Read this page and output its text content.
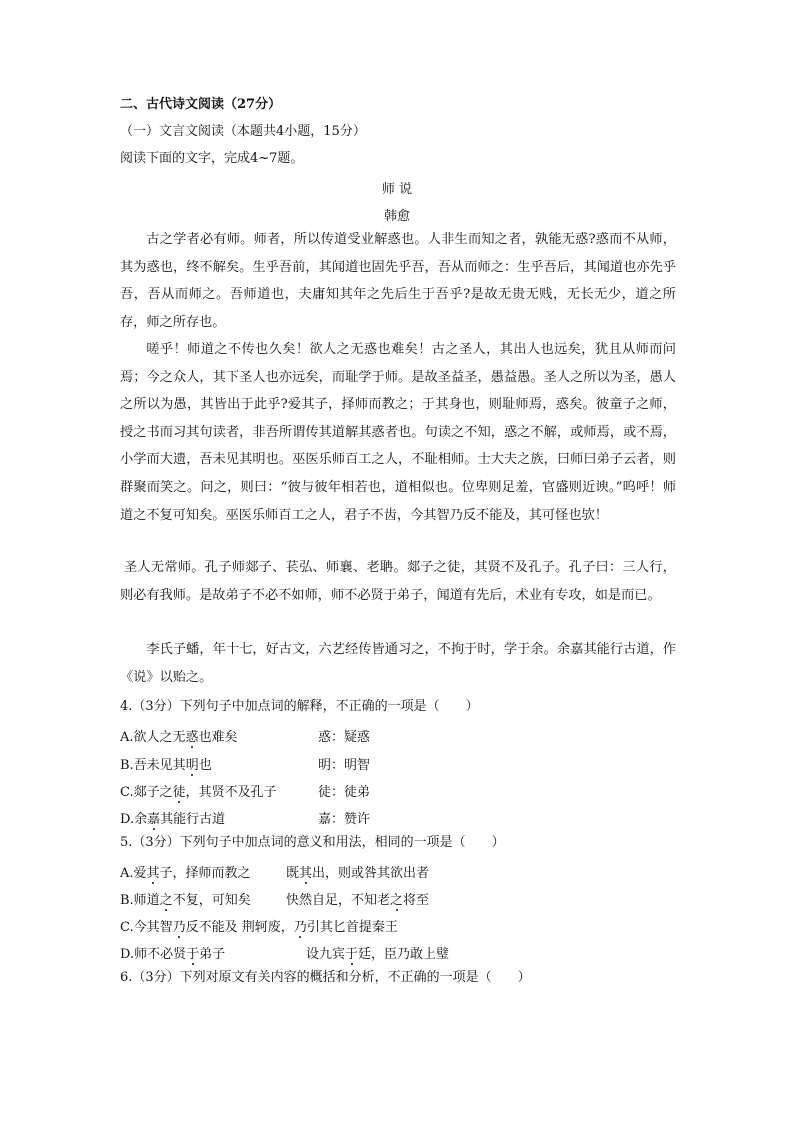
二、古代诗文阅读（27分）
（一）文言文阅读（本题共4小题，15分）
阅读下面的文字，完成4~7题。
师 说
韩愈
古之学者必有师。师者，所以传道受业解惑也。人非生而知之者，孰能无惑?惑而不从师，其为惑也，终不解矣。生乎吾前，其闻道也固先乎吾，吾从而师之：生乎吾后，其闻道也亦先乎吾，吾从而师之。吾师道也，夫庸知其年之先后生于吾乎?是故无贵无贱，无长无少，道之所存，师之所存也。
嗟乎！师道之不传也久矣！欲人之无惑也难矣！古之圣人，其出人也远矣，犹且从师而问焉；今之众人，其下圣人也亦远矣，而耻学于师。是故圣益圣，愚益愚。圣人之所以为圣，愚人之所以为愚，其皆出于此乎?爱其子，择师而教之；于其身也，则耻师焉，惑矣。彼童子之师，授之书而习其句读者，非吾所谓传其道解其惑者也。句读之不知，惑之不解，或师焉，或不焉，小学而大遗，吾未见其明也。巫医乐师百工之人，不耻相师。士大夫之族，曰师曰弟子云者，则群聚而笑之。问之，则曰：“彼与彼年相若也，道相似也。位卑则足羞，官盛则近谀。”呜呼！师道之不复可知矣。巫医乐师百工之人，君子不齿，今其智乃反不能及，其可怪也欤！
圣人无常师。孔子师郯子、苌弘、师襄、老聃。郯子之徒，其贤不及孔子。孔子曰：三人行，则必有我师。是故弟子不必不如师，师不必贤于弟子，闻道有先后，术业有专攻，如是而已。
李氏子蟠，年十七，好古文，六艺经传皆通习之，不拘于时，学于余。余嘉其能行古道，作《说》以贻之。
4.（3分）下列句子中加点词的解释，不正确的一项是（　　）
A.欲人之无惑也难矣	惑：疑惑
B.吾未见其明也	明：明智
C.郯子之徒，其贤不及孔子	徒：徒弟
D.余嘉其能行古道	嘉：赞许
5.（3分）下列句子中加点词的意义和用法，相同的一项是（　　）
A.爱其子，择师而教之	既其出，则或咎其欲出者
B.师道之不复，可知矣	快然自足，不知老之将至
C.今其智乃反不能及 荆轲废，乃引其匕首提秦王
D.师不必贤于弟子	设九宾于廷，臣乃敢上璧
6.（3分）下列对原文有关内容的概括和分析，不正确的一项是（　　）
